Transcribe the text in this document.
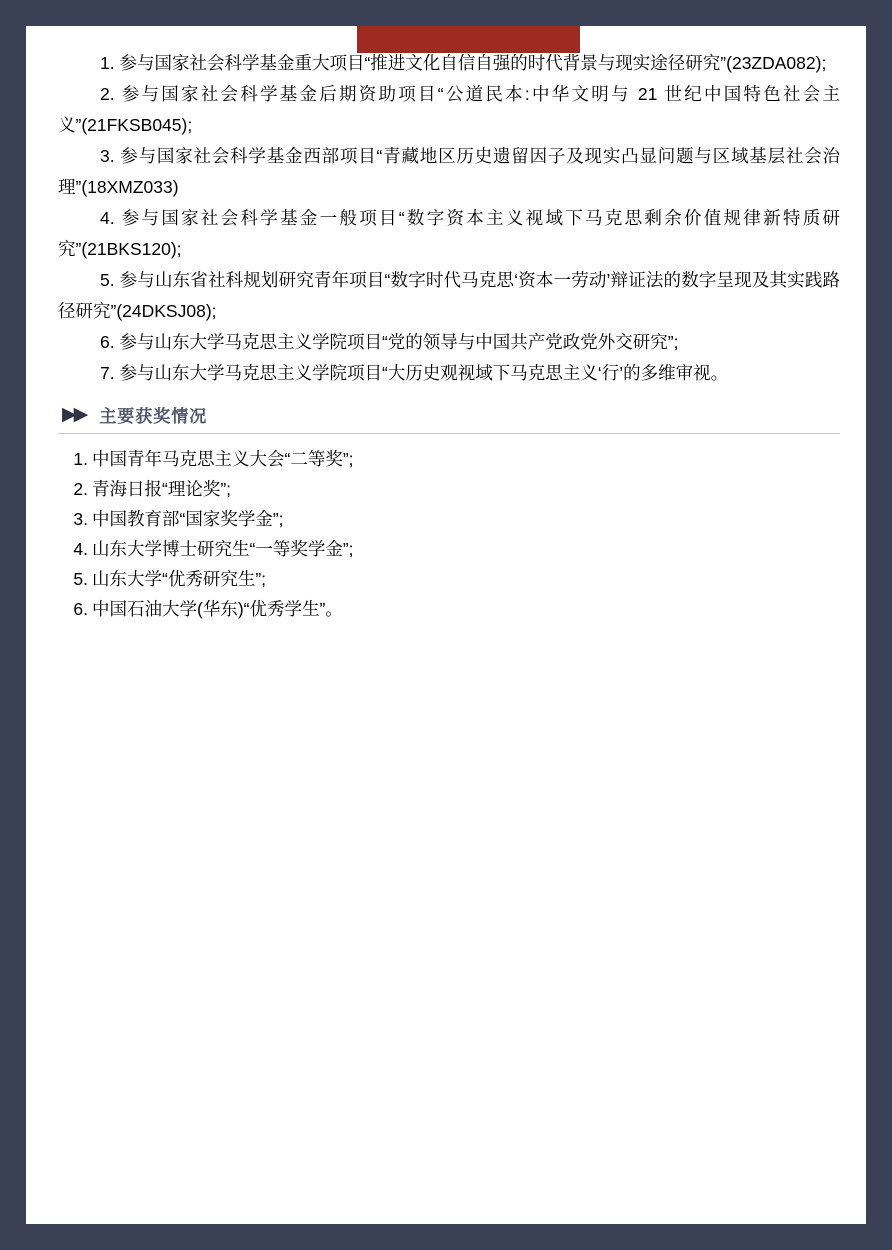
1. 参与国家社会科学基金重大项目“推进文化自信自强的时代背景与现实途径研究”(23ZDA082);
2. 参与国家社会科学基金后期资助项目“公道民本:中华文明与 21 世纪中国特色社会主义”(21FKSB045);
3. 参与国家社会科学基金西部项目“青藏地区历史遗留因子及现实凸显问题与区域基层社会治理”(18XMZ033)
4. 参与国家社会科学基金一般项目“数字资本主义视域下马克思剩余价值规律新特质研究”(21BKS120);
5. 参与山东省社科规划研究青年项目“数字时代马克思‘资本一劳动’辩证法的数字呈现及其实践路径研究”(24DKSJ08);
6. 参与山东大学马克思主义学院项目“党的领导与中国共产党政党外交研究”;
7. 参与山东大学马克思主义学院项目“大历史观视域下马克思主义‘行’的多维审视。
▶▶ 主要获奖情况
中国青年马克思主义大会“二等奖”;
青海日报“理论奖”;
中国教育部“国家奖学金”;
山东大学博士研究生“一等奖学金”;
山东大学“优秀研究生”;
中国石油大学(华东)“优秀学生”。
